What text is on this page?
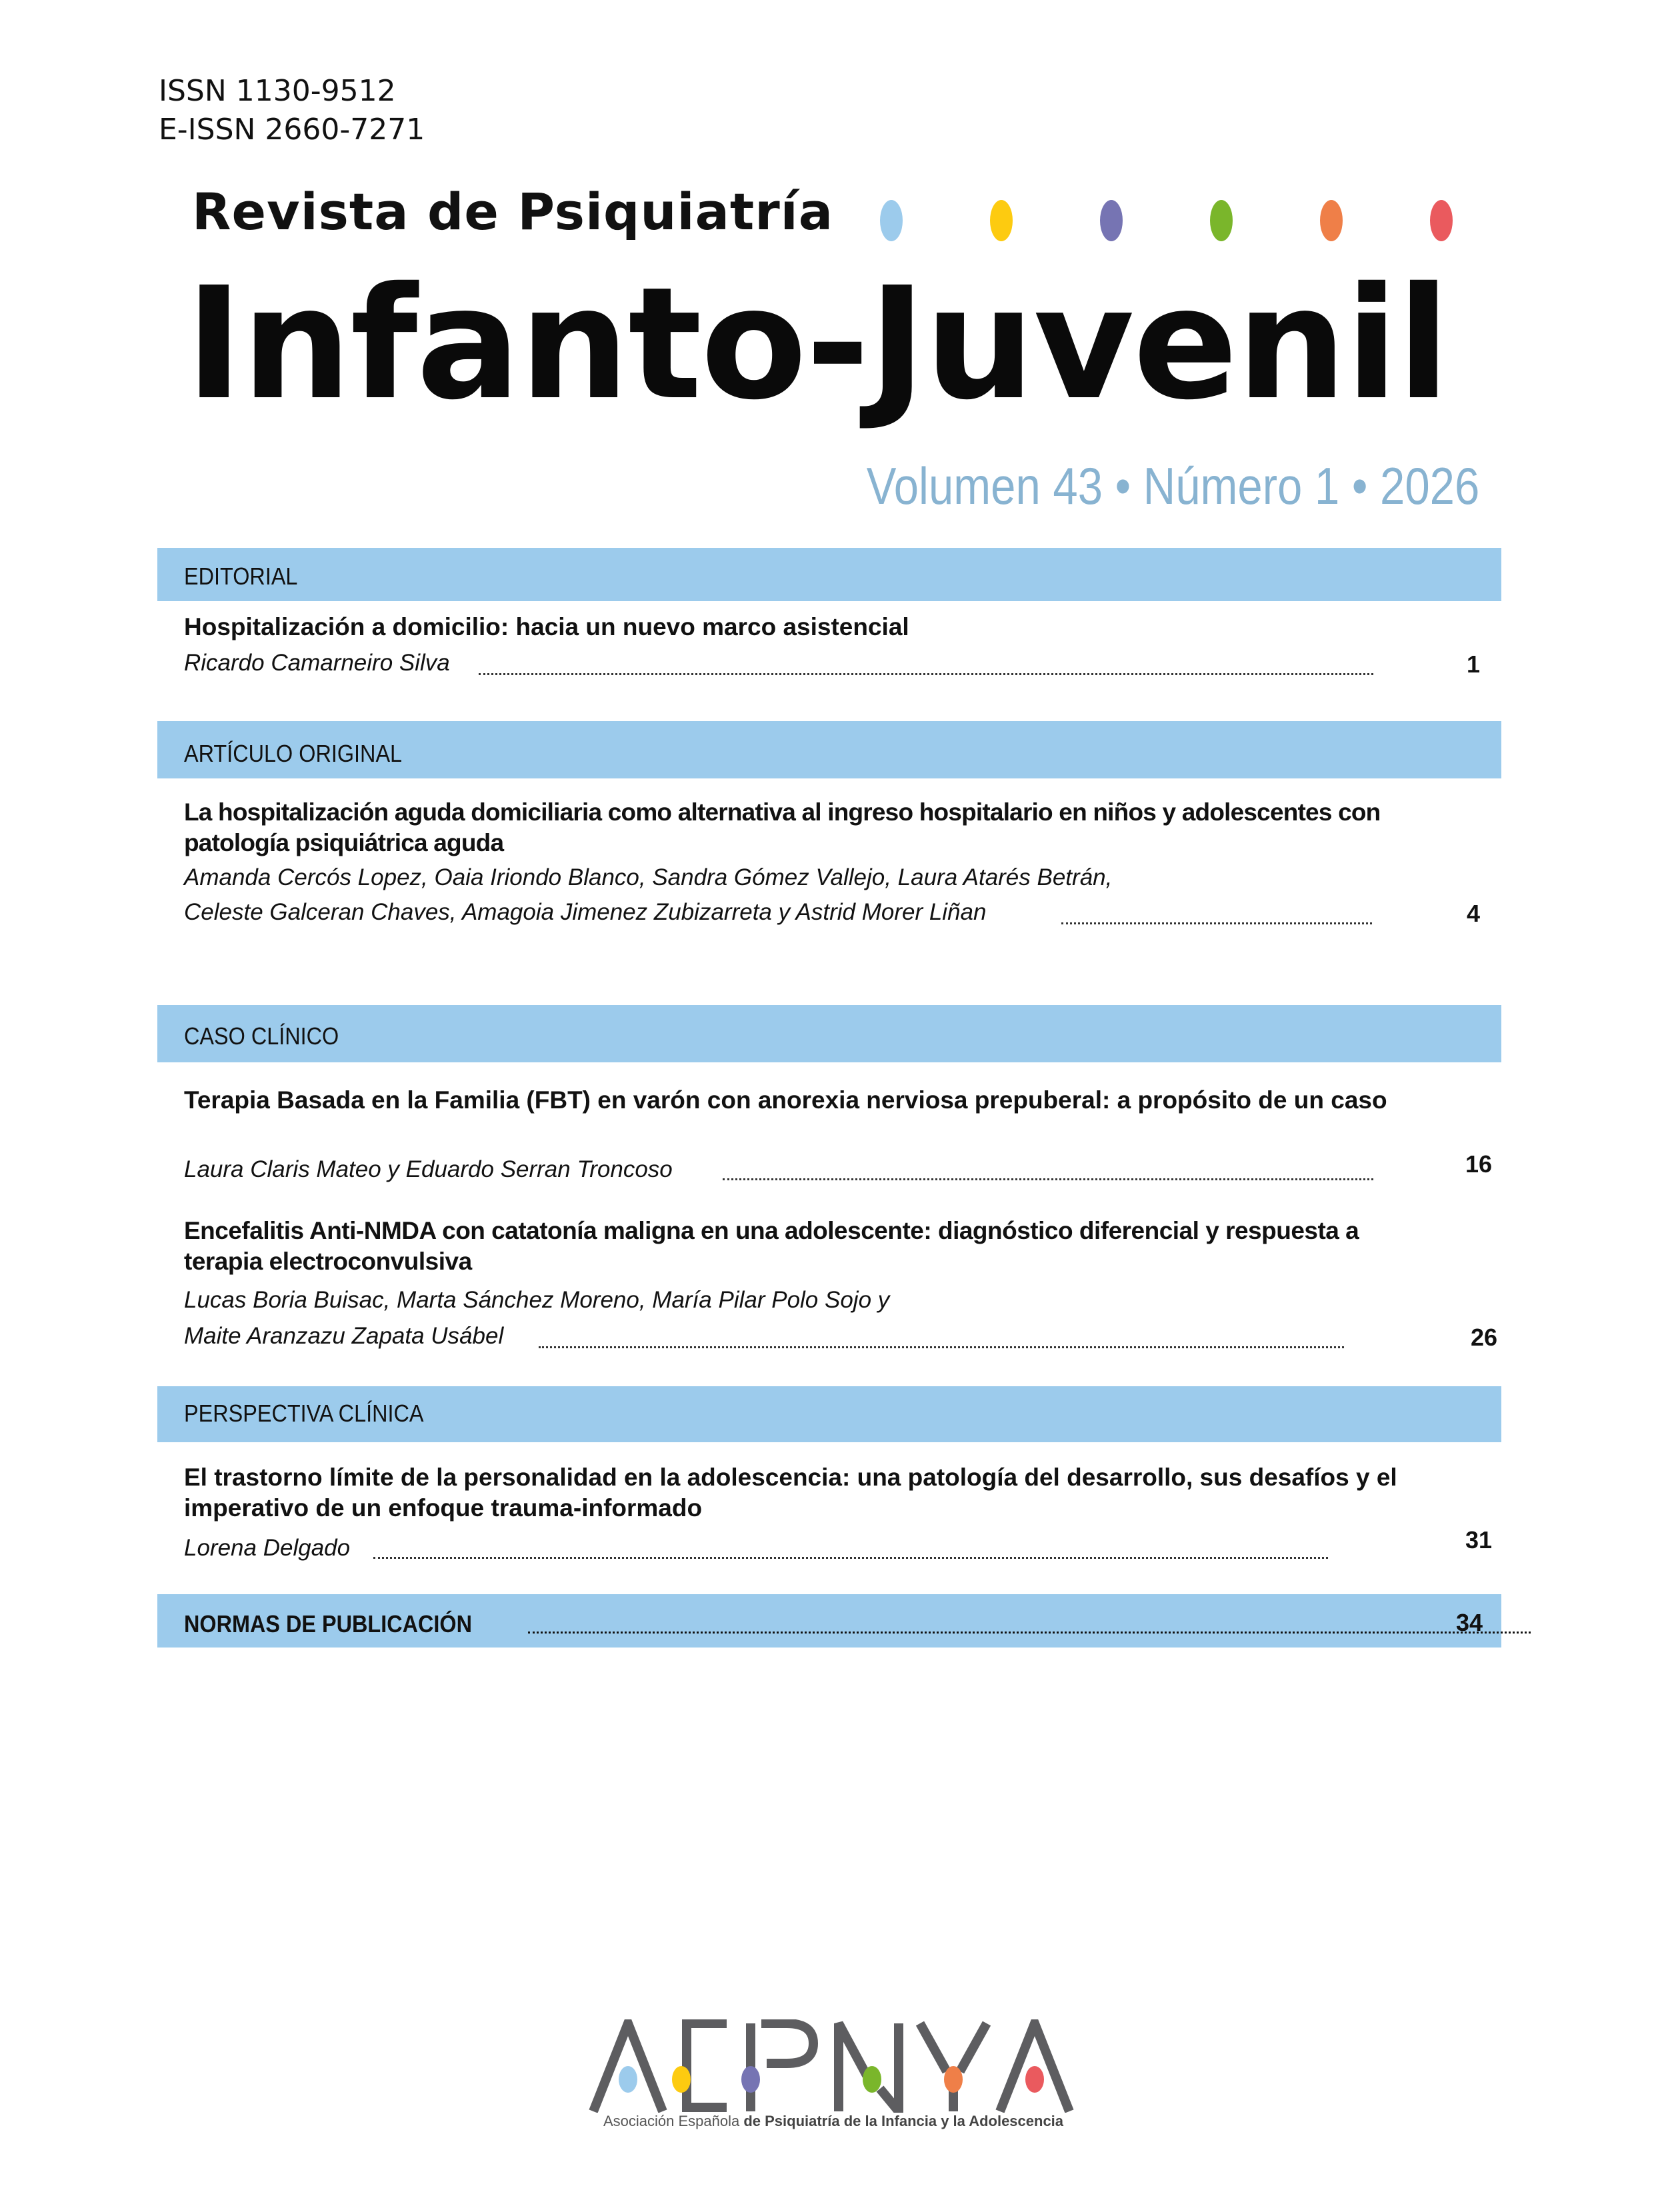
ISSN 1130-9512
E-ISSN 2660-7271
Revista de Psiquiatría
Infanto-Juvenil
Volumen 43 • Número 1 • 2026
EDITORIAL
Hospitalización a domicilio: hacia un nuevo marco asistencial
Ricardo Camarneiro Silva	1
ARTÍCULO ORIGINAL
La hospitalización aguda domiciliaria como alternativa al ingreso hospitalario en niños y adolescentes con patología psiquiátrica aguda
Amanda Cercós Lopez, Oaia Iriondo Blanco, Sandra Gómez Vallejo, Laura Atarés Betrán,
Celeste Galceran Chaves, Amagoia Jimenez Zubizarreta y Astrid Morer Liñan	4
CASO CLÍNICO
Terapia Basada en la Familia (FBT) en varón con anorexia nerviosa prepuberal: a propósito de un caso
Laura Claris Mateo y Eduardo Serran Troncoso	16
Encefalitis Anti-NMDA con catatonía maligna en una adolescente: diagnóstico diferencial y respuesta a terapia electroconvulsiva
Lucas Boria Buisac, Marta Sánchez Moreno, María Pilar Polo Sojo y
Maite Aranzazu Zapata Usábel	26
PERSPECTIVA CLÍNICA
El trastorno límite de la personalidad en la adolescencia: una patología del desarrollo, sus desafíos y el imperativo de un enfoque trauma-informado
Lorena Delgado	31
NORMAS DE PUBLICACIÓN	34
Asociación Española de Psiquiatría de la Infancia y la Adolescencia
